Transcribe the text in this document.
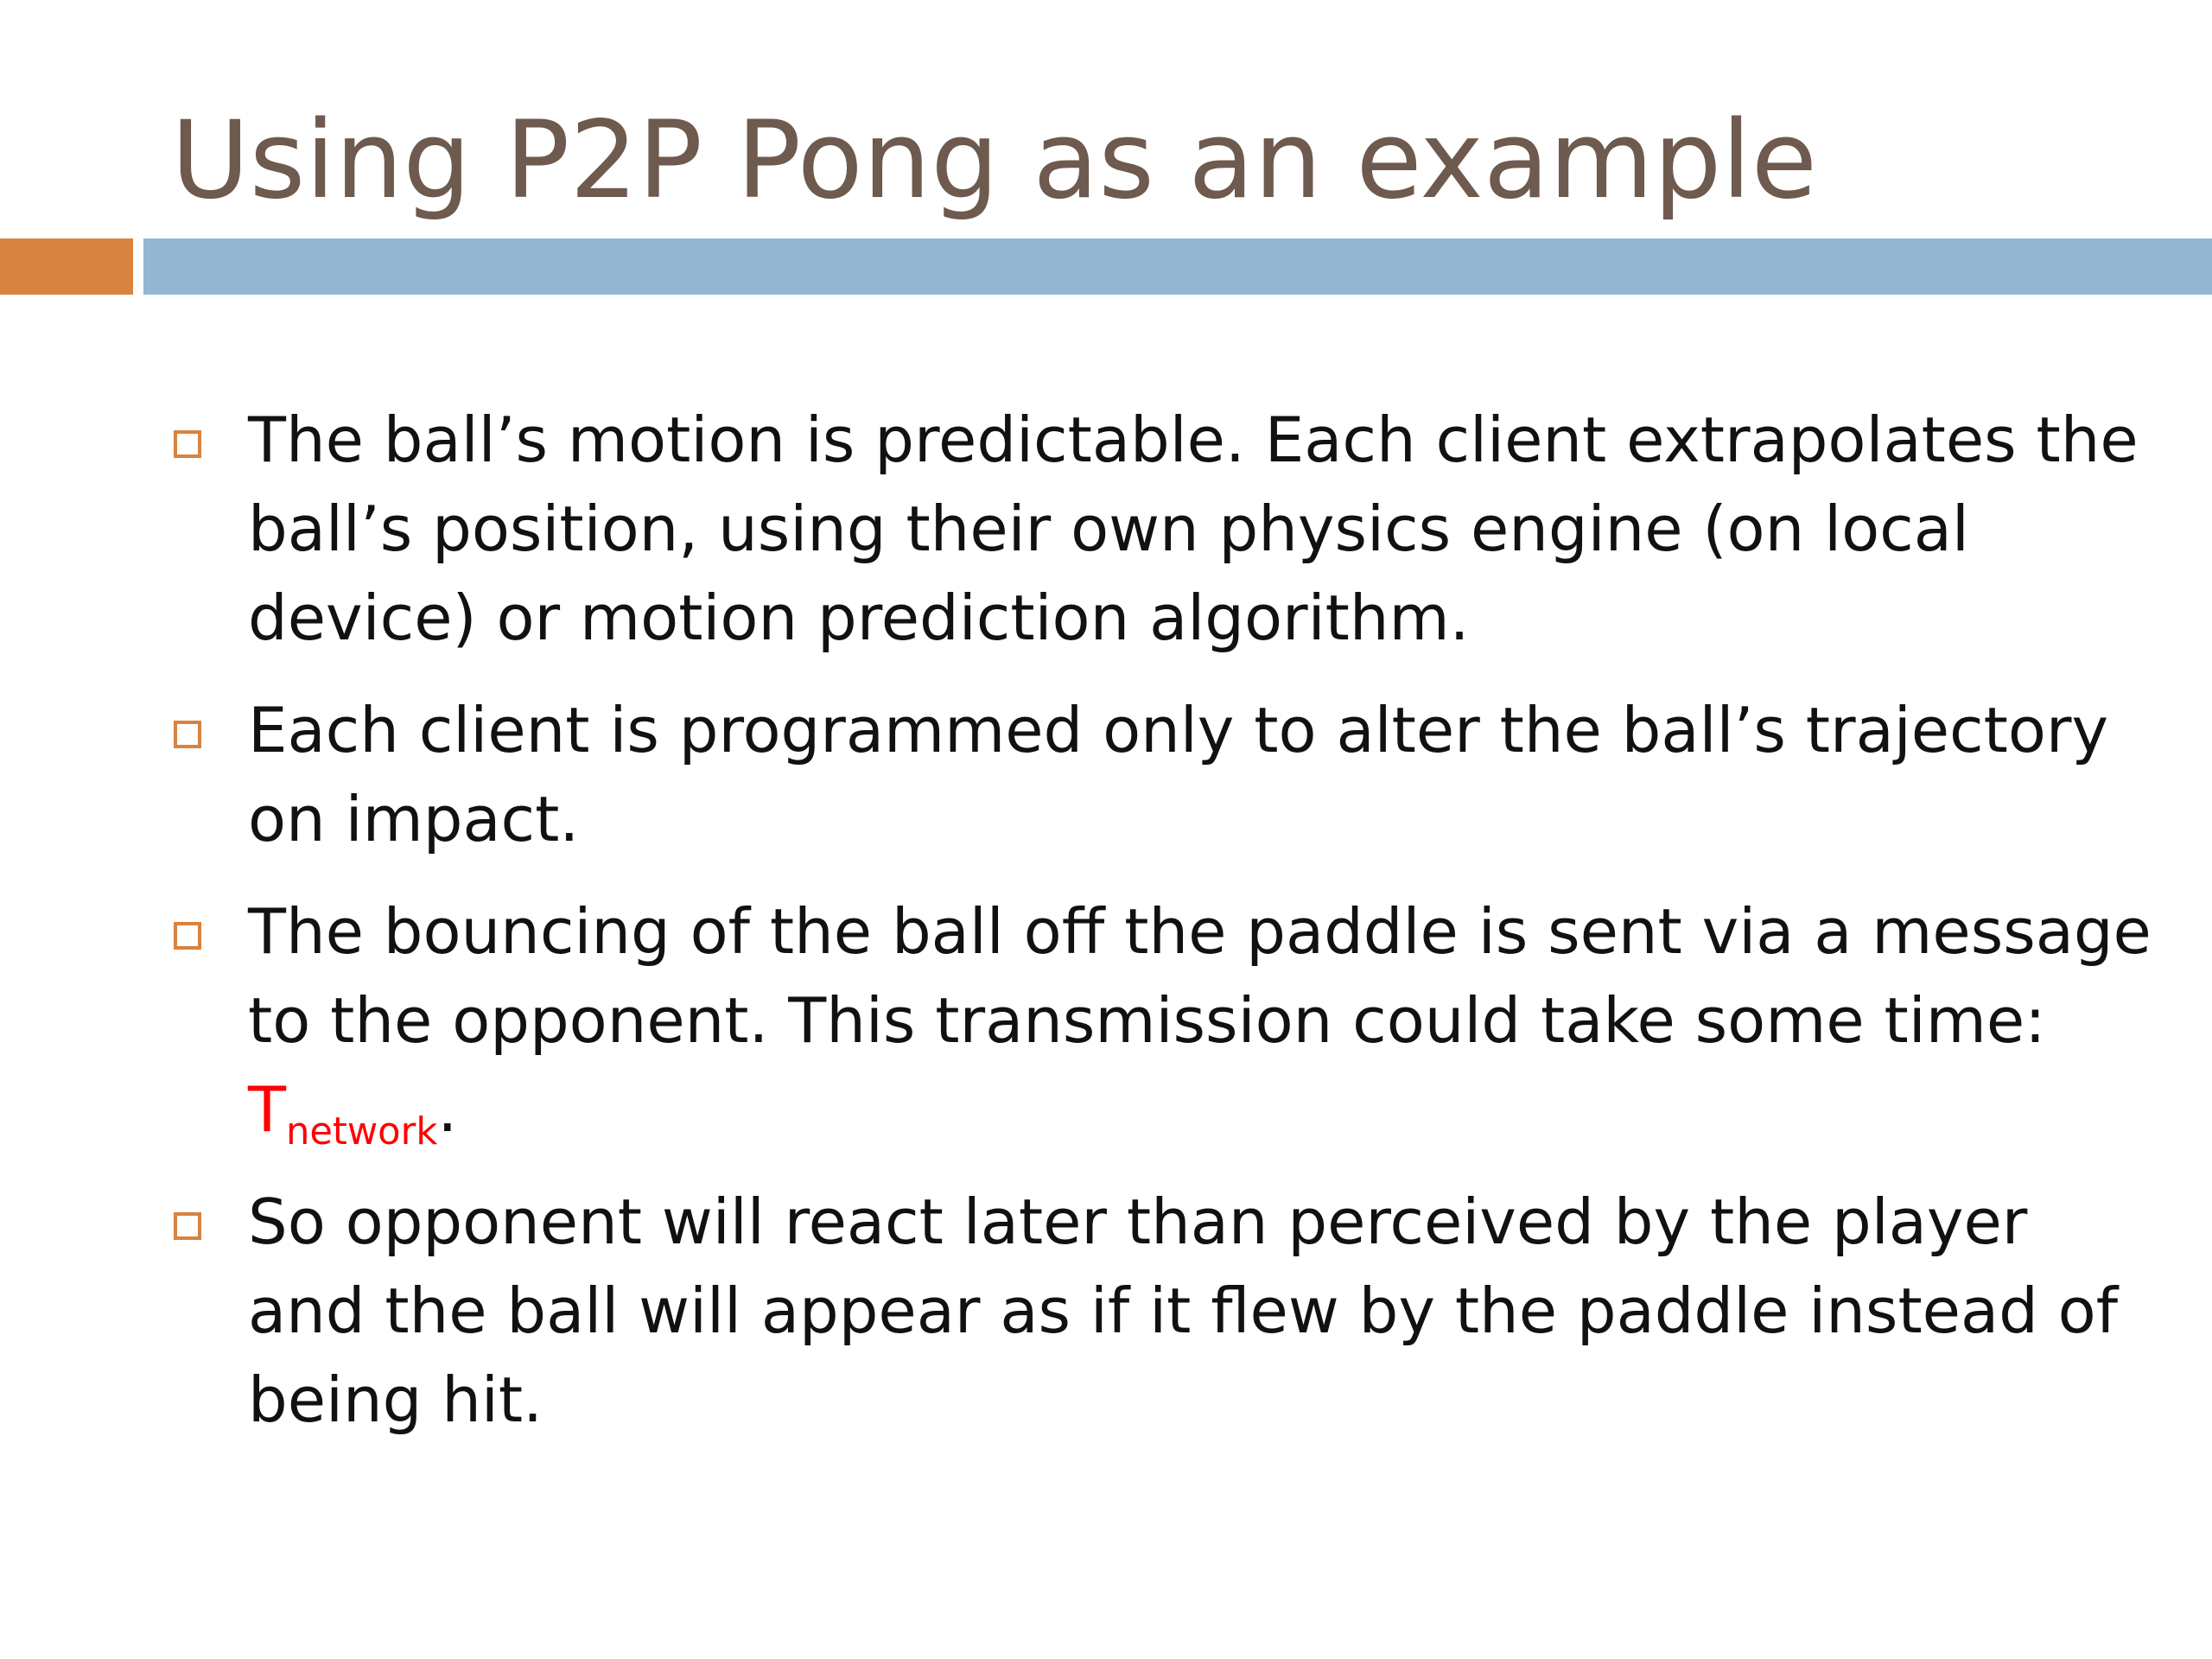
Using P2P Pong as an example
The ball’s motion is predictable. Each client extrapolates the ball’s position, using their own physics engine (on local device) or motion prediction algorithm.
Each client is programmed only to alter the ball’s trajectory on impact.
The bouncing of the ball off the paddle is sent via a message to the opponent. This transmission could take some time: $T_{network}$.
So opponent will react later than perceived by the player and the ball will appear as if it flew by the paddle instead of being hit.
